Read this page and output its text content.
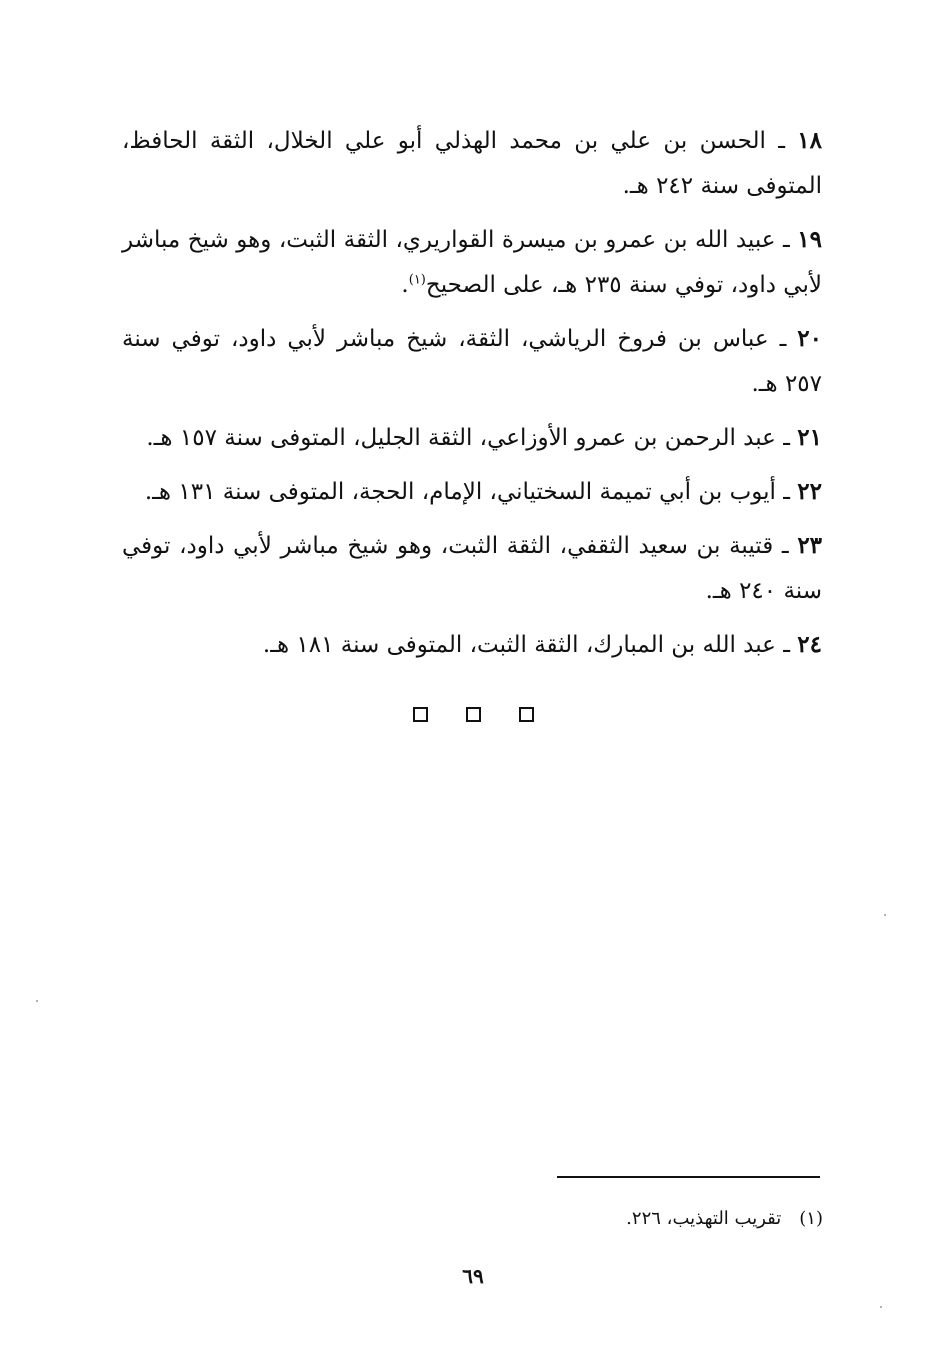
١٨ ـ الحسن بن علي بن محمد الهذلي أبو علي الخلال، الثقة الحافظ، المتوفى سنة ٢٤٢ هـ.

١٩ ـ عبيد الله بن عمرو بن ميسرة القواريري، الثقة الثبت، وهو شيخ مباشر لأبي داود، توفي سنة ٢٣٥ هـ، على الصحيح$^{(١)}$.

٢٠ ـ عباس بن فروخ الرياشي، الثقة، شيخ مباشر لأبي داود، توفي سنة ٢٥٧ هـ.

٢١ ـ عبد الرحمن بن عمرو الأوزاعي، الثقة الجليل، المتوفى سنة ١٥٧ هـ.

٢٢ ـ أيوب بن أبي تميمة السختياني، الإمام، الحجة، المتوفى سنة ١٣١ هـ.

٢٣ ـ قتيبة بن سعيد الثقفي، الثقة الثبت، وهو شيخ مباشر لأبي داود، توفي سنة ٢٤٠ هـ.

٢٤ ـ عبد الله بن المبارك، الثقة الثبت، المتوفى سنة ١٨١ هـ.

(١)تقريب التهذيب، ٢٢٦.
٦٩
